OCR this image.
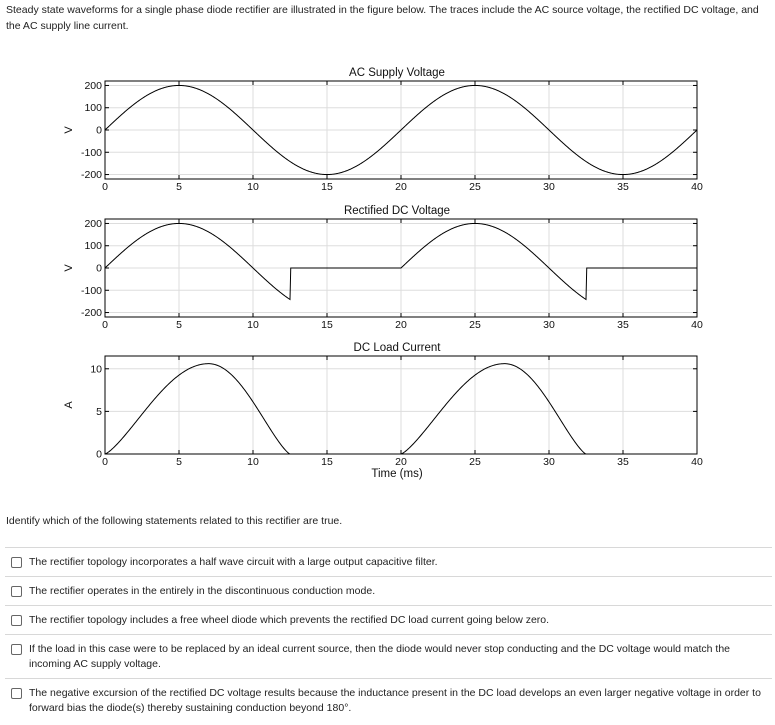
Steady state waveforms for a single phase diode rectifier are illustrated in the figure below. The traces include the AC source voltage, the rectified DC voltage, and the AC supply line current.
0	5	10	15	20	25	30	35	40
200
100
0
-100
-200
AC Supply Voltage
V
0	5	10	15	20	25	30	35	40
200
100
0
-100
-200
Rectified DC Voltage
V
0	5	10	15	20	25	30	35	40
10
5
0
DC Load Current
A
Time (ms)
Identify which of the following statements related to this rectifier are true.
The rectifier topology incorporates a half wave circuit with a large output capacitive filter.
The rectifier operates in the entirely in the discontinuous conduction mode.
The rectifier topology includes a free wheel diode which prevents the rectified DC load current going below zero.
If the load in this case were to be replaced by an ideal current source, then the diode would never stop conducting and the DC voltage would match the incoming AC supply voltage.
The negative excursion of the rectified DC voltage results because the inductance present in the DC load develops an even larger negative voltage in order to forward bias the diode(s) thereby sustaining conduction beyond 180°.
